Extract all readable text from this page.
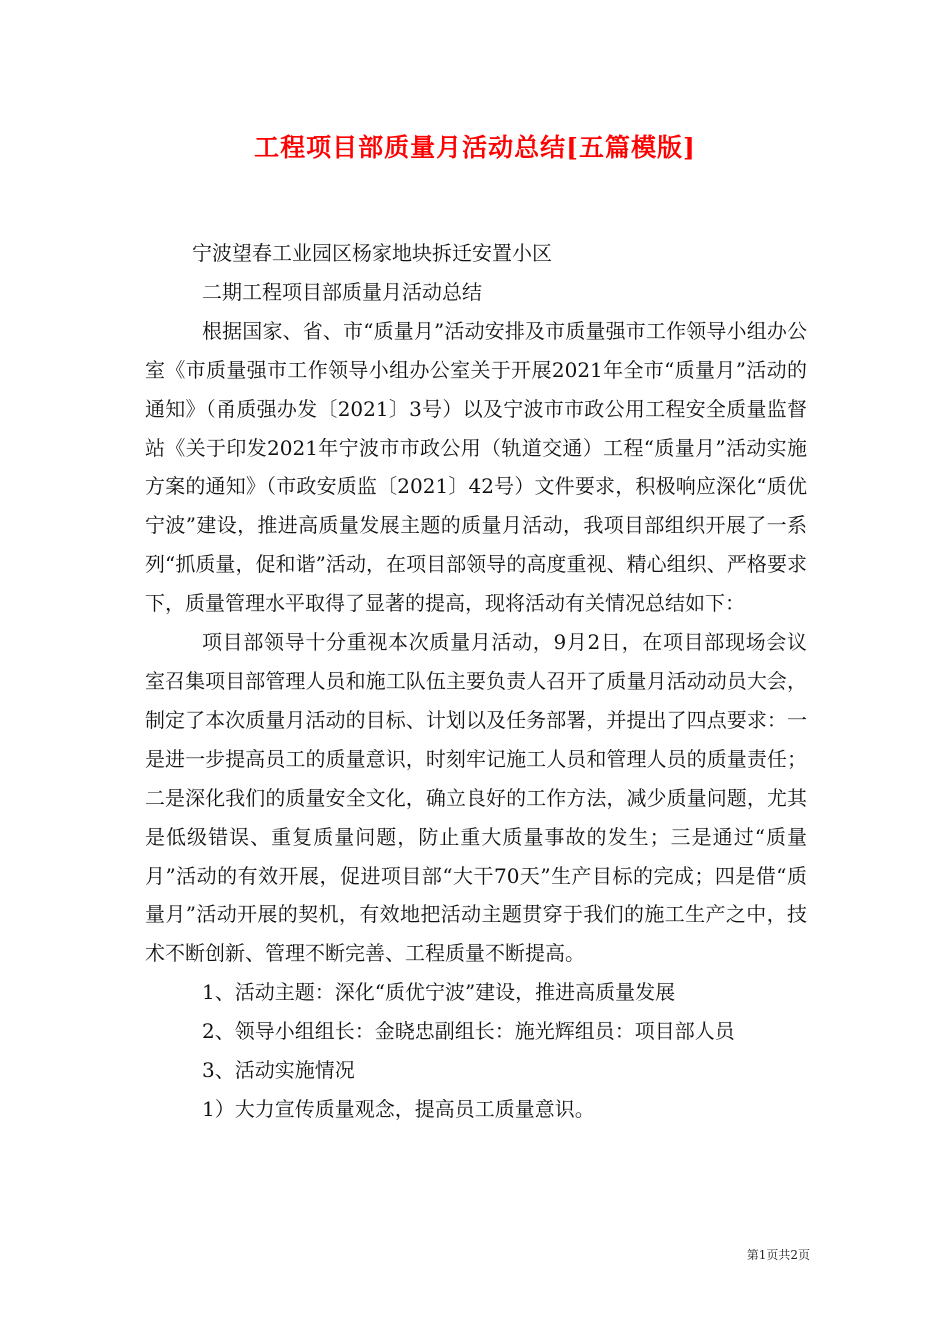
工程项目部质量月活动总结[五篇模版]

宁波望春工业园区杨家地块拆迁安置小区

二期工程项目部质量月活动总结

根据国家、省、市“质量月”活动安排及市质量强市工作领导小组办公室《市质量强市工作领导小组办公室关于开展2021年全市“质量月”活动的通知》（甬质强办发〔2021〕3号）以及宁波市市政公用工程安全质量监督站《关于印发2021年宁波市市政公用（轨道交通）工程“质量月”活动实施方案的通知》（市政安质监〔2021〕42号）文件要求，积极响应深化“质优宁波”建设，推进高质量发展主题的质量月活动，我项目部组织开展了一系列“抓质量，促和谐”活动，在项目部领导的高度重视、精心组织、严格要求下，质量管理水平取得了显著的提高，现将活动有关情况总结如下：

项目部领导十分重视本次质量月活动，9月2日，在项目部现场会议室召集项目部管理人员和施工队伍主要负责人召开了质量月活动动员大会，制定了本次质量月活动的目标、计划以及任务部署，并提出了四点要求：一是进一步提高员工的质量意识，时刻牢记施工人员和管理人员的质量责任；二是深化我们的质量安全文化，确立良好的工作方法，减少质量问题，尤其是低级错误、重复质量问题，防止重大质量事故的发生；三是通过“质量月”活动的有效开展，促进项目部“大干70天”生产目标的完成；四是借“质量月”活动开展的契机，有效地把活动主题贯穿于我们的施工生产之中，技术不断创新、管理不断完善、工程质量不断提高。

1、活动主题：深化“质优宁波”建设，推进高质量发展

2、领导小组组长：金晓忠副组长：施光辉组员：项目部人员

3、活动实施情况

1）大力宣传质量观念，提高员工质量意识。

第1页共2页
